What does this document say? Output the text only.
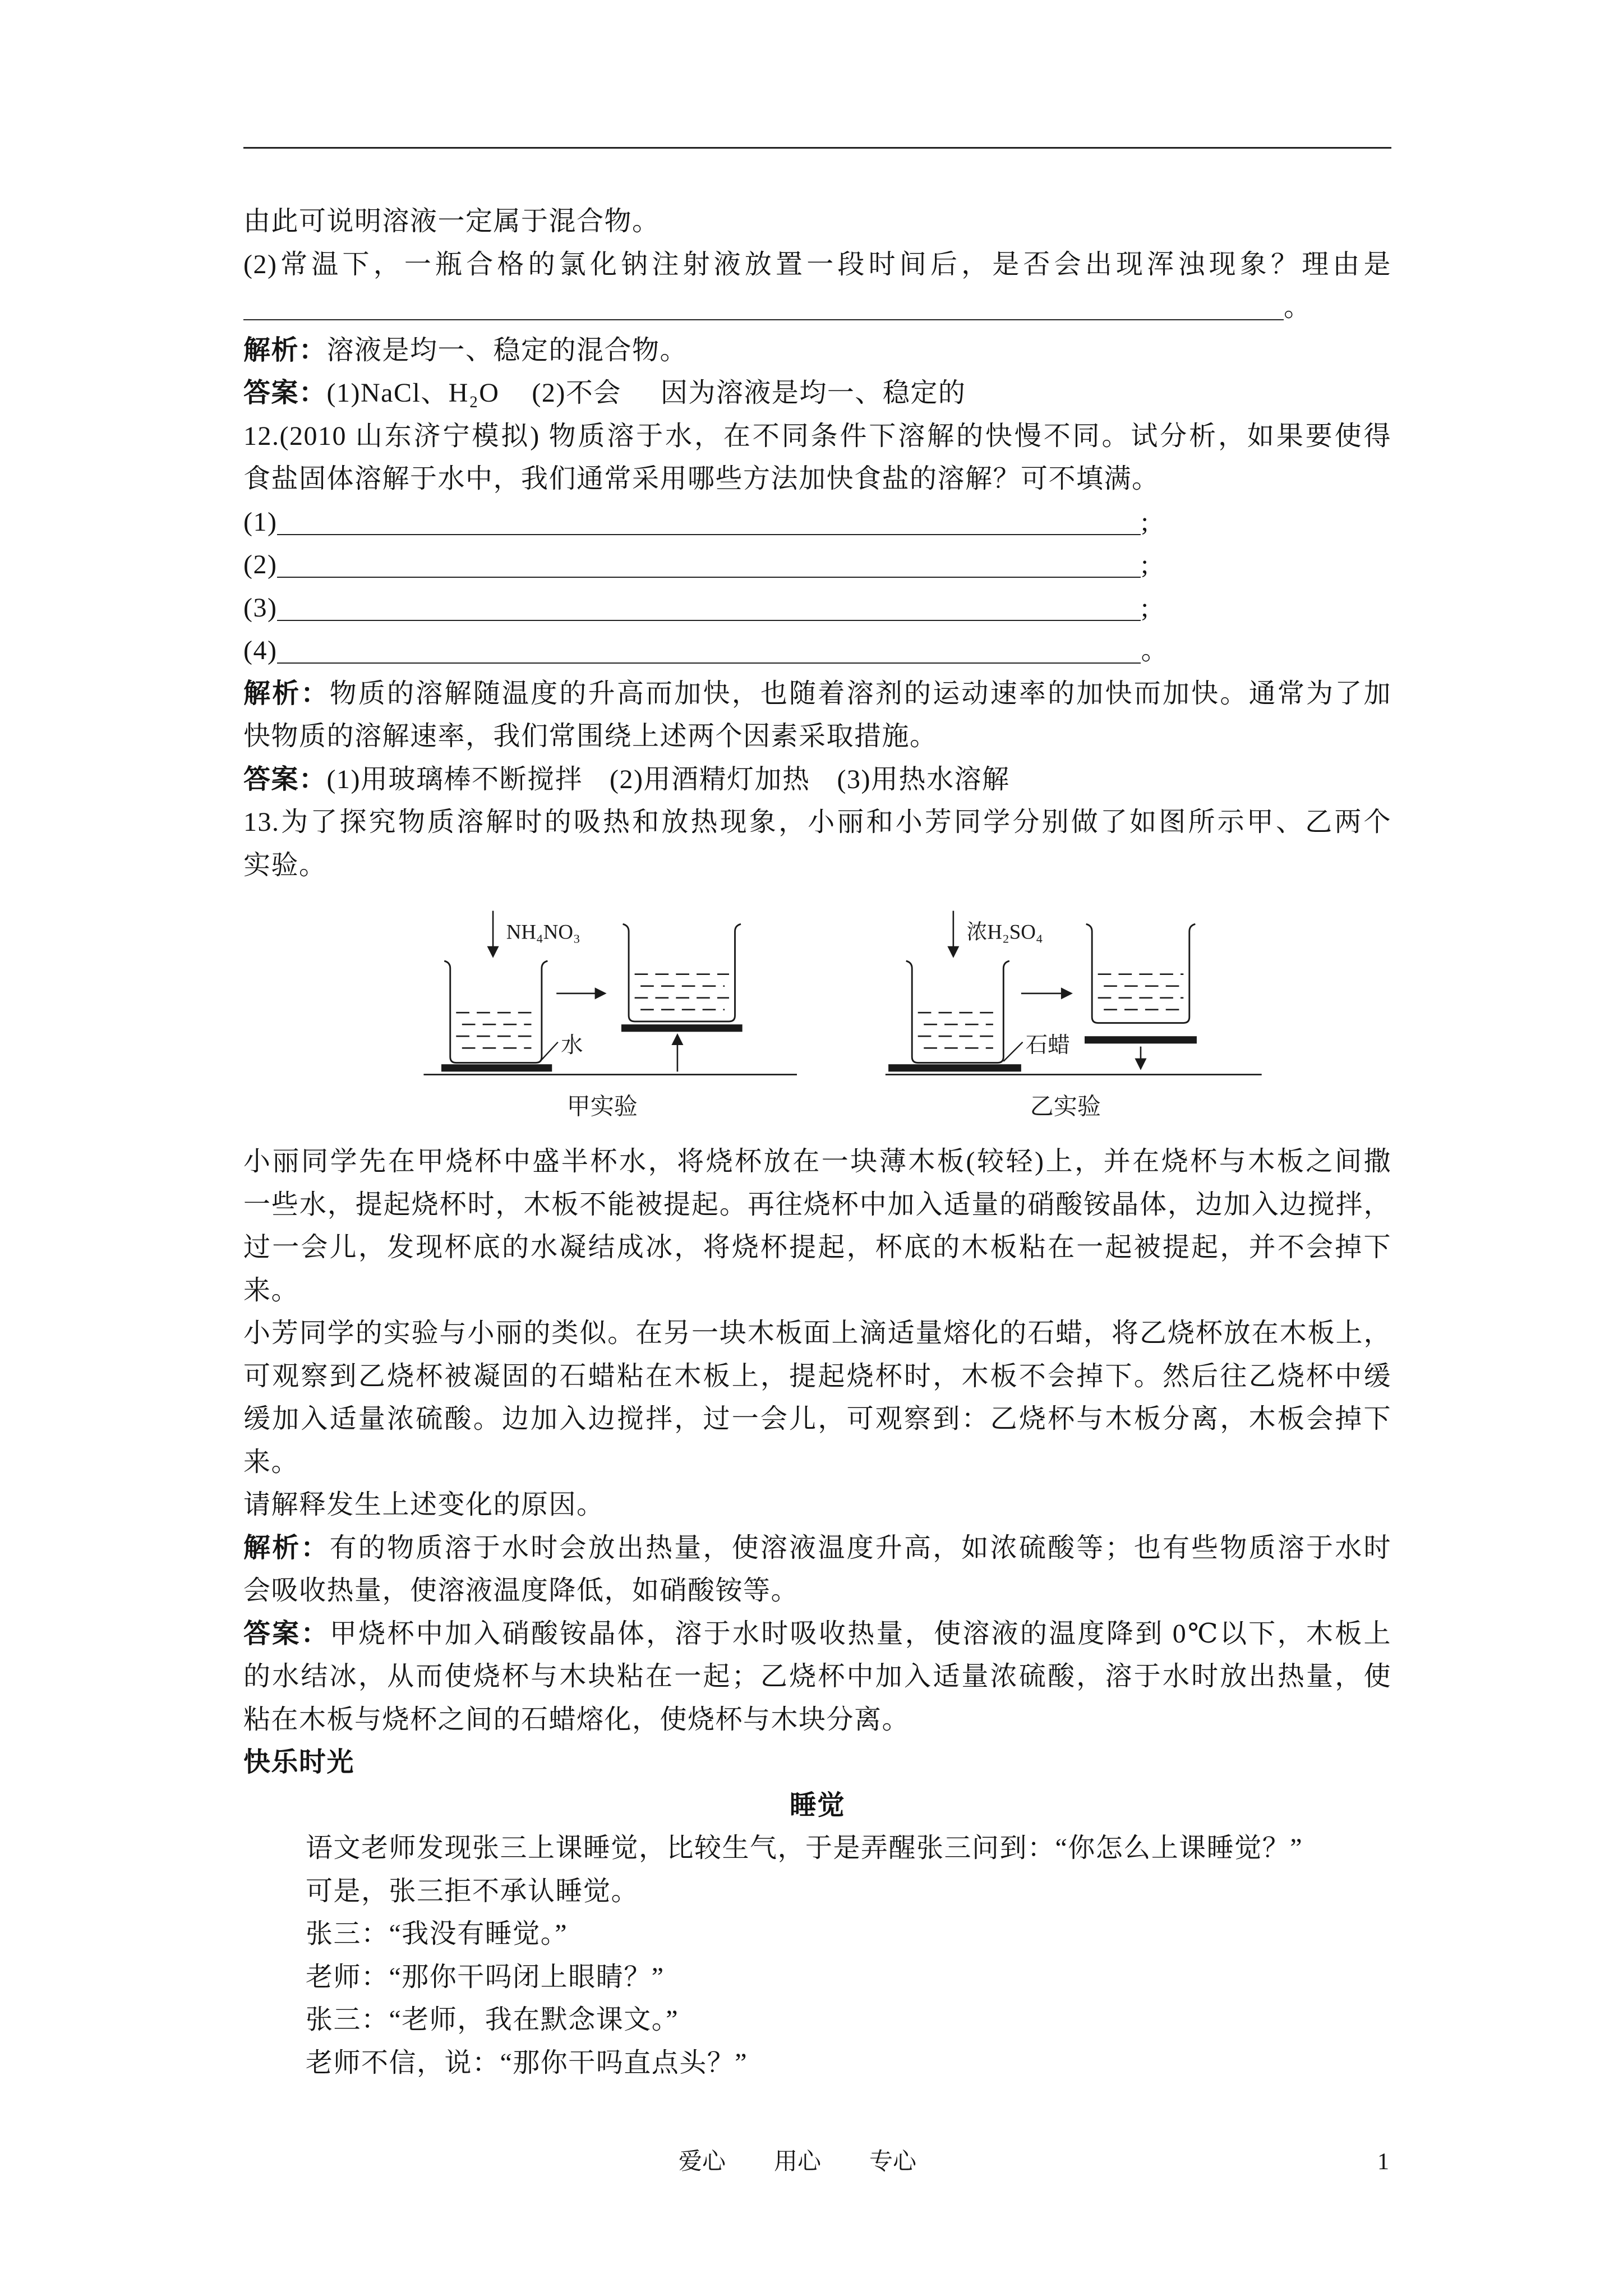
由此可说明溶液一定属于混合物。
(2)常温下，一瓶合格的氯化钠注射液放置一段时间后，是否会出现浑浊现象？理由是
。
解析：溶液是均一、稳定的混合物。
答案：(1)NaCl、H₂O (2)不会 因为溶液是均一、稳定的
12.(2010 山东济宁模拟) 物质溶于水，在不同条件下溶解的快慢不同。试分析，如果要使得
食盐固体溶解于水中，我们通常采用哪些方法加快食盐的溶解？可不填满。
(1)	;
(2)	;
(3)	;
(4)	。
解析：物质的溶解随温度的升高而加快，也随着溶剂的运动速率的加快而加快。通常为了加
快物质的溶解速率，我们常围绕上述两个因素采取措施。
答案：(1)用玻璃棒不断搅拌 (2)用酒精灯加热 (3)用热水溶解
13.为了探究物质溶解时的吸热和放热现象，小丽和小芳同学分别做了如图所示甲、乙两个
实验。
NH₄NO₃
水
甲实验
浓H₂SO₄
石蜡
乙实验
小丽同学先在甲烧杯中盛半杯水，将烧杯放在一块薄木板(较轻)上，并在烧杯与木板之间撒
一些水，提起烧杯时，木板不能被提起。再往烧杯中加入适量的硝酸铵晶体，边加入边搅拌，
过一会儿，发现杯底的水凝结成冰，将烧杯提起，杯底的木板粘在一起被提起，并不会掉下
来。
小芳同学的实验与小丽的类似。在另一块木板面上滴适量熔化的石蜡，将乙烧杯放在木板上，
可观察到乙烧杯被凝固的石蜡粘在木板上，提起烧杯时，木板不会掉下。然后往乙烧杯中缓
缓加入适量浓硫酸。边加入边搅拌，过一会儿，可观察到：乙烧杯与木板分离，木板会掉下
来。
请解释发生上述变化的原因。
解析：有的物质溶于水时会放出热量，使溶液温度升高，如浓硫酸等；也有些物质溶于水时
会吸收热量，使溶液温度降低，如硝酸铵等。
答案：甲烧杯中加入硝酸铵晶体，溶于水时吸收热量，使溶液的温度降到 0℃以下，木板上
的水结冰，从而使烧杯与木块粘在一起；乙烧杯中加入适量浓硫酸，溶于水时放出热量，使
粘在木板与烧杯之间的石蜡熔化，使烧杯与木块分离。
快乐时光
睡觉
语文老师发现张三上课睡觉，比较生气，于是弄醒张三问到：“你怎么上课睡觉？”
可是，张三拒不承认睡觉。
张三：“我没有睡觉。”
老师：“那你干吗闭上眼睛？”
张三：“老师，我在默念课文。”
老师不信，说：“那你干吗直点头？”
爱心 用心 专心	1
